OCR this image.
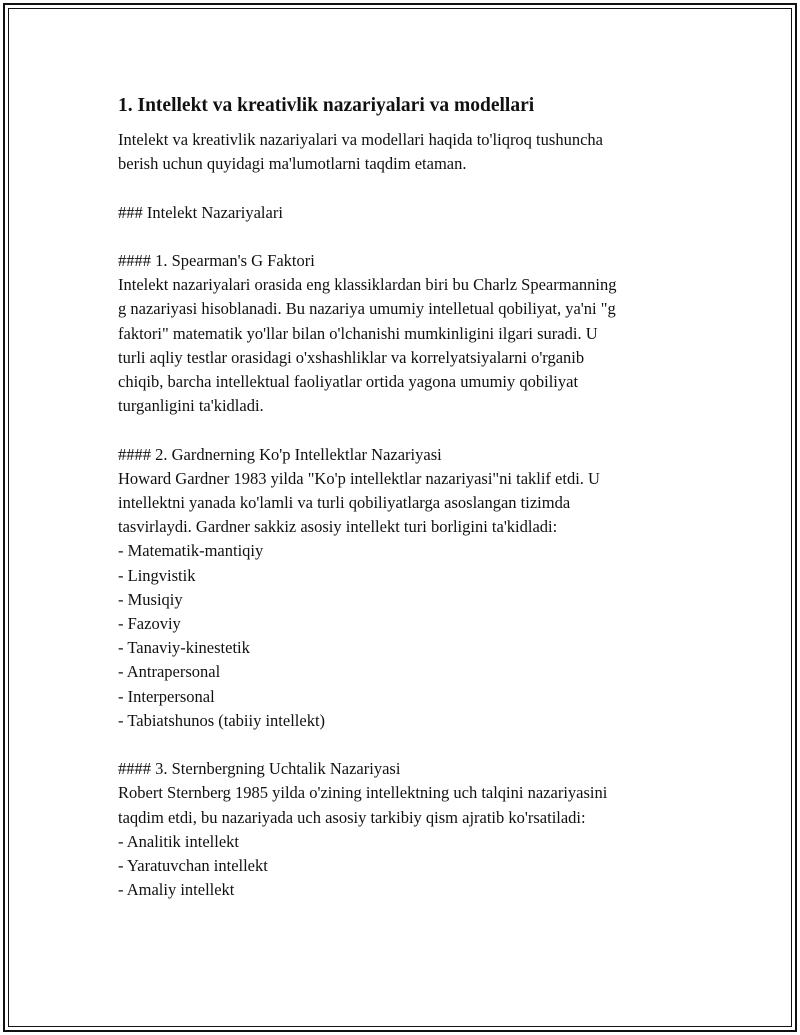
1. Intellekt va kreativlik nazariyalari va modellari

Intelekt va kreativlik nazariyalari va modellari haqida to'liqroq tushuncha

berish uchun quyidagi ma'lumotlarni taqdim etaman.

### Intelekt Nazariyalari

#### 1. Spearman's G Faktori

Intelekt nazariyalari orasida eng klassiklardan biri bu Charlz Spearmanning

g nazariyasi hisoblanadi. Bu nazariya umumiy intelletual qobiliyat, ya'ni "g

faktori" matematik yo'llar bilan o'lchanishi mumkinligini ilgari suradi. U

turli aqliy testlar orasidagi o'xshashliklar va korrelyatsiyalarni o'rganib

chiqib, barcha intellektual faoliyatlar ortida yagona umumiy qobiliyat

turganligini ta'kidladi.

#### 2. Gardnerning Ko'p Intellektlar Nazariyasi

Howard Gardner 1983 yilda "Ko'p intellektlar nazariyasi"ni taklif etdi. U

intellektni yanada ko'lamli va turli qobiliyatlarga asoslangan tizimda

tasvirlaydi. Gardner sakkiz asosiy intellekt turi borligini ta'kidladi:

- Matematik-mantiqiy

- Lingvistik

- Musiqiy

- Fazoviy

- Tanaviy-kinestetik

- Antrapersonal

- Interpersonal

- Tabiatshunos (tabiiy intellekt)

#### 3. Sternbergning Uchtalik Nazariyasi

Robert Sternberg 1985 yilda o'zining intellektning uch talqini nazariyasini

taqdim etdi, bu nazariyada uch asosiy tarkibiy qism ajratib ko'rsatiladi:

- Analitik intellekt

- Yaratuvchan intellekt

- Amaliy intellekt
